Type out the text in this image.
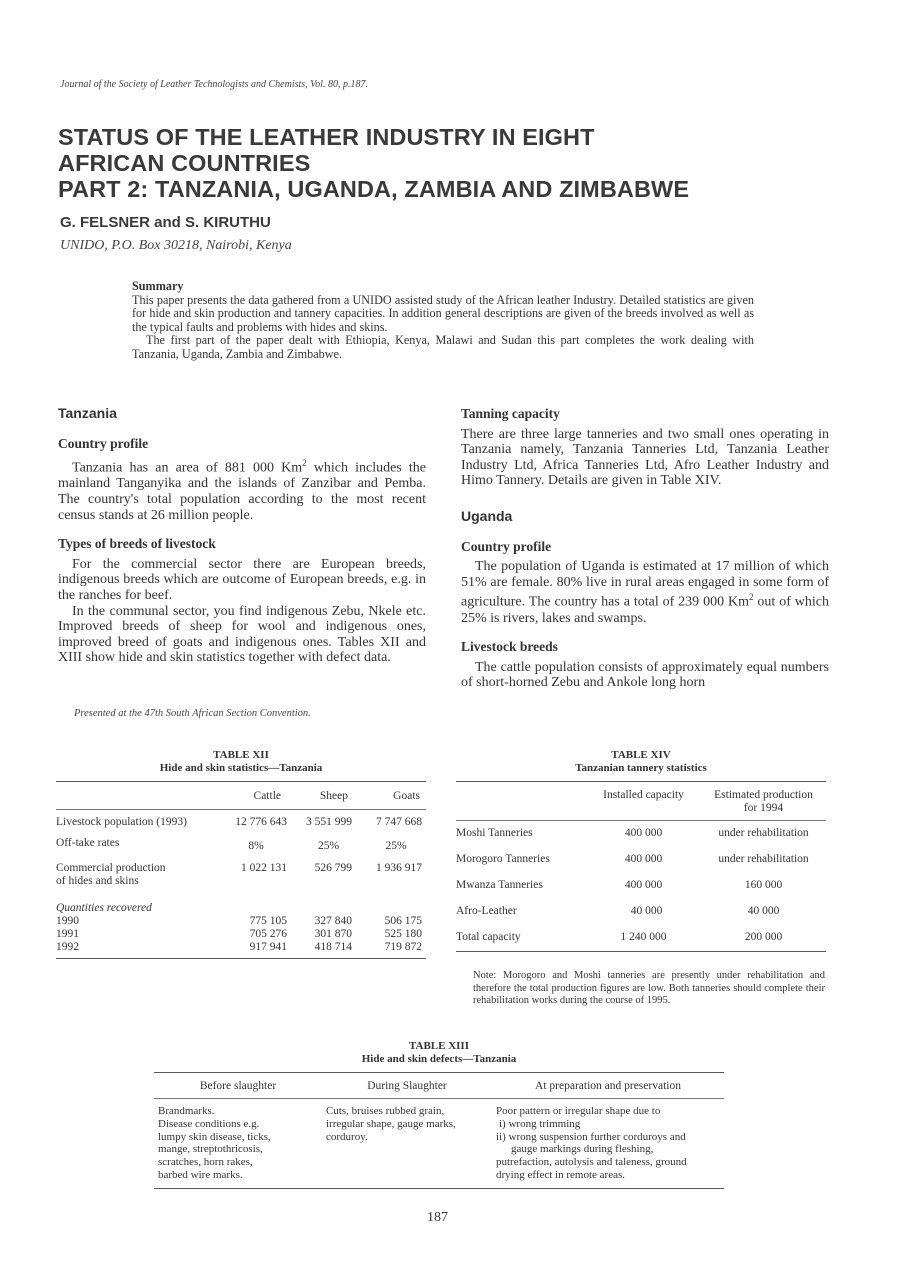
Journal of the Society of Leather Technologists and Chemists, Vol. 80, p.187.
STATUS OF THE LEATHER INDUSTRY IN EIGHT
AFRICAN COUNTRIES
PART 2: TANZANIA, UGANDA, ZAMBIA AND ZIMBABWE
G. FELSNER and S. KIRUTHU
UNIDO, P.O. Box 30218, Nairobi, Kenya

Summary

This paper presents the data gathered from a UNIDO assisted study of the African leather Industry. Detailed statistics are given for hide and skin production and tannery capacities. In addition general descriptions are given of the breeds involved as well as the typical faults and problems with hides and skins.

The first part of the paper dealt with Ethiopia, Kenya, Malawi and Sudan this part completes the work dealing with Tanzania, Uganda, Zambia and Zimbabwe.

Tanzania
Country profile

Tanzania has an area of 881 000 Km$^2$ which includes the mainland Tanganyika and the islands of Zanzibar and Pemba. The country's total population according to the most recent census stands at 26 million people.

Types of breeds of livestock

For the commercial sector there are European breeds, indigenous breeds which are outcome of European breeds, e.g. in the ranches for beef.

In the communal sector, you find indigenous Zebu, Nkele etc. Improved breeds of sheep for wool and indigenous ones, improved breed of goats and indigenous ones. Tables XII and XIII show hide and skin statistics together with defect data.

Presented at the 47th South African Section Convention.
Tanning capacity

There are three large tanneries and two small ones operating in Tanzania namely, Tanzania Tanneries Ltd, Tanzania Leather Industry Ltd, Africa Tanneries Ltd, Afro Leather Industry and Himo Tannery. Details are given in Table XIV.

Uganda
Country profile

The population of Uganda is estimated at 17 million of which 51% are female. 80% live in rural areas engaged in some form of agriculture. The country has a total of 239 000 Km$^2$ out of which 25% is rivers, lakes and swamps.

Livestock breeds

The cattle population consists of approximately equal numbers of short-horned Zebu and Ankole long horn

TABLE XII
Hide and skin statistics—Tanzania
	Cattle	Sheep	Goats
Livestock population (1993)	12 776 643	3 551 999	7 747 668
Off-take rates	8%	25%	25%
Commercial production
of hides and skins	1 022 131	526 799	1 936 917
Quantities recovered			
1990	775 105	327 840	506 175
1991	705 276	301 870	525 180
1992	917 941	418 714	719 872
TABLE XIV
Tanzanian tannery statistics
	Installed capacity	Estimated production
for 1994
Moshi Tanneries	400 000	under rehabilitation
Morogoro Tanneries	400 000	under rehabilitation
Mwanza Tanneries	400 000	160 000
Afro-Leather	40 000	40 000
Total capacity	1 240 000	200 000
Note: Morogoro and Moshi tanneries are presently under rehabilitation and therefore the total production figures are low. Both tanneries should complete their rehabilitation works during the course of 1995.
TABLE XIII
Hide and skin defects—Tanzania
Before slaughter	During Slaughter	At preparation and preservation

Brandmarks.
Disease conditions e.g.
lumpy skin disease, ticks,
mange, streptothricosis,
scratches, horn rakes,
barbed wire marks.

Cuts, bruises rubbed grain,
irregular shape, gauge marks,
corduroy.

Poor pattern or irregular shape due to
i) wrong trimming
ii) wrong suspension further corduroys and
gauge markings during fleshing,
putrefaction, autolysis and taleness, ground
drying effect in remote areas.
187
